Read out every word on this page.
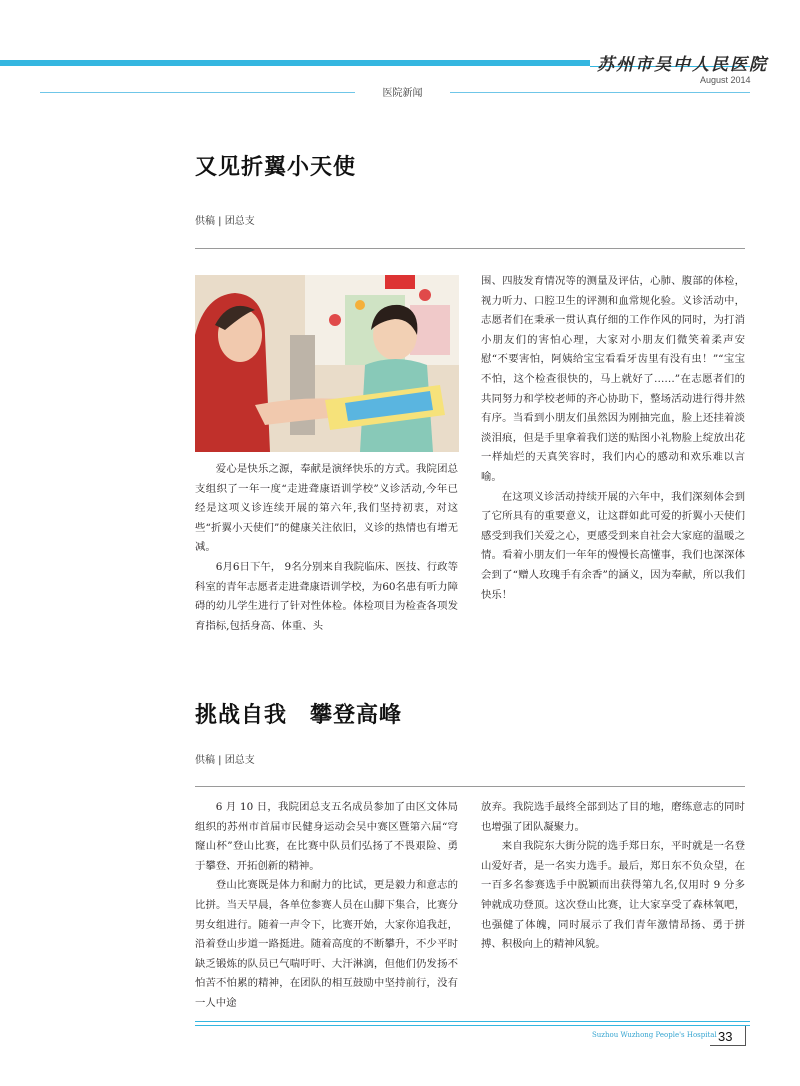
苏州市吴中人民医院
August 2014
医院新闻
又见折翼小天使
供稿 | 团总支

爱心是快乐之源，奉献是演绎快乐的方式。我院团总支组织了一年一度“走进聋康语训学校”义诊活动,今年已经是这项义诊连续开展的第六年,我们坚持初衷，对这些“折翼小天使们”的健康关注依旧，义诊的热情也有增无减。

6月6日下午， 9名分别来自我院临床、医技、行政等科室的青年志愿者走进聋康语训学校，为60名患有听力障碍的幼儿学生进行了针对性体检。体检项目为检查各项发育指标,包括身高、体重、头

围、四肢发育情况等的测量及评估，心肺、腹部的体检，视力听力、口腔卫生的评测和血常规化验。义诊活动中，志愿者们在秉承一贯认真仔细的工作作风的同时，为打消小朋友们的害怕心理，大家对小朋友们微笑着柔声安慰“不要害怕，阿姨给宝宝看看牙齿里有没有虫！”“宝宝不怕，这个检查很快的，马上就好了……”在志愿者们的共同努力和学校老师的齐心协助下，整场活动进行得井然有序。当看到小朋友们虽然因为刚抽完血，脸上还挂着淡淡泪痕，但是手里拿着我们送的贴图小礼物脸上绽放出花一样灿烂的天真笑容时，我们内心的感动和欢乐难以言喻。

在这项义诊活动持续开展的六年中，我们深刻体会到了它所具有的重要意义，让这群如此可爱的折翼小天使们感受到我们关爱之心，更感受到来自社会大家庭的温暖之情。看着小朋友们一年年的慢慢长高懂事，我们也深深体会到了“赠人玫瑰手有余香”的涵义，因为奉献，所以我们快乐！

挑战自我　攀登高峰
供稿 | 团总支

6 月 10 日，我院团总支五名成员参加了由区文体局组织的苏州市首届市民健身运动会吴中赛区暨第六届“穹窿山杯”登山比赛，在比赛中队员们弘扬了不畏艰险、勇于攀登、开拓创新的精神。

登山比赛既是体力和耐力的比试，更是毅力和意志的比拼。当天早晨，各单位参赛人员在山脚下集合，比赛分男女组进行。随着一声令下，比赛开始，大家你追我赶，沿着登山步道一路挺进。随着高度的不断攀升，不少平时缺乏锻炼的队员已气喘吁吁、大汗淋漓，但他们仍发扬不怕苦不怕累的精神，在团队的相互鼓励中坚持前行，没有一人中途

放弃。我院选手最终全部到达了目的地，磨练意志的同时也增强了团队凝聚力。

来自我院东大街分院的选手郑日东，平时就是一名登山爱好者，是一名实力选手。最后，郑日东不负众望，在一百多名参赛选手中脱颖而出获得第九名,仅用时 9 分多钟就成功登顶。这次登山比赛，让大家享受了森林氧吧，也强健了体魄，同时展示了我们青年激情昂扬、勇于拼搏、积极向上的精神风貌。

Suzhou Wuzhong People's Hospital 33
